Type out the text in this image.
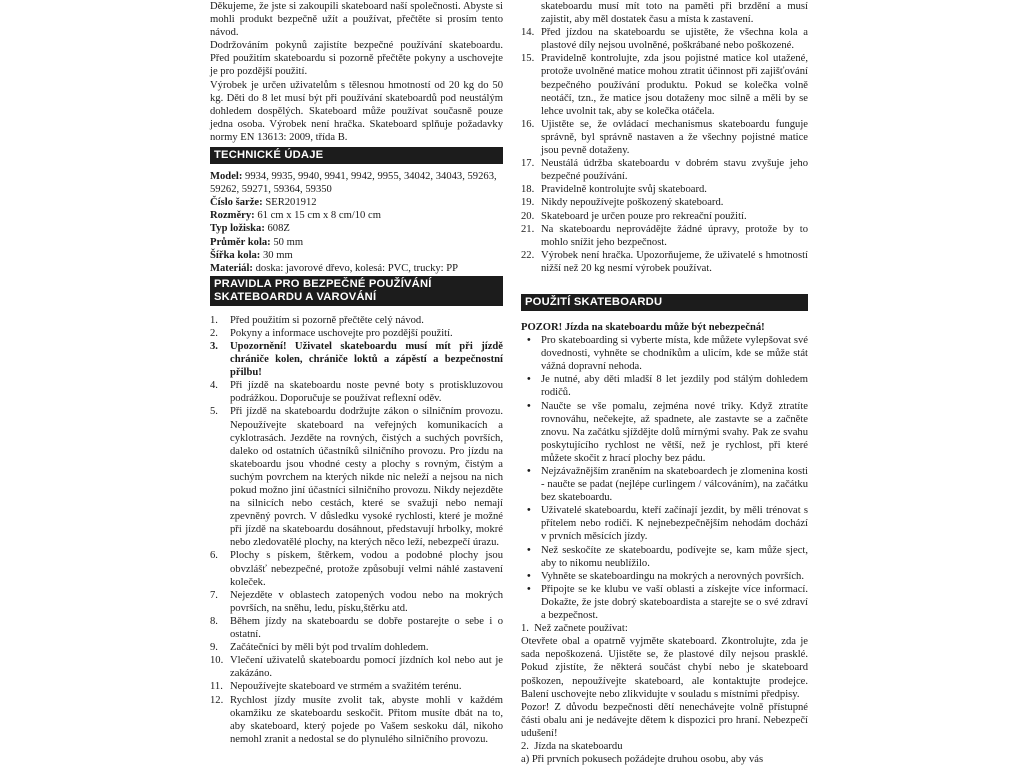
Děkujeme, že jste si zakoupili skateboard naší společnosti. Abyste si mohli produkt bezpečně užít a používat, přečtěte si prosím tento návod.

Dodržováním pokynů zajistíte bezpečné používání skateboardu. Před použitím skateboardu si pozorně přečtěte pokyny a uschovejte je pro pozdější použití.

Výrobek je určen uživatelům s tělesnou hmotností od 20 kg do 50 kg. Děti do 8 let musí být při používání skateboardů pod neustálým dohledem dospělých. Skateboard může používat současně pouze jedna osoba. Výrobek není hračka. Skateboard splňuje požadavky normy EN 13613: 2009, třída B.

TECHNICKÉ ÚDAJE

Model: 9934, 9935, 9940, 9941, 9942, 9955, 34042, 34043, 59263, 59262, 59271, 59364, 59350

Číslo šarže: SER201912

Rozměry: 61 cm x 15 cm x 8 cm/10 cm

Typ ložiska: 608Z

Průměr kola: 50 mm

Šířka kola: 30 mm

Materiál: doska: javorové dřevo, kolesá: PVC, trucky: PP

PRAVIDLA PRO BEZPEČNÉ POUŽÍVÁNÍ
SKATEBOARDU A VAROVÁNÍ
1. Před použitím si pozorně přečtěte celý návod.
2. Pokyny a informace uschovejte pro pozdější použití.
3. Upozornění! Uživatel skateboardu musí mít při jízdě chrániče kolen, chrániče loktů a zápěstí a bezpečnostní přilbu!
4. Při jízdě na skateboardu noste pevné boty s protiskluzovou podrážkou. Doporučuje se používat reflexní oděv.
5. Při jízdě na skateboardu dodržujte zákon o silničním provozu. Nepoužívejte skateboard na veřejných komunikacích a cyklotrasách. Jezděte na rovných, čistých a suchých površích, daleko od ostatních účastníků silničního provozu. Pro jízdu na skateboardu jsou vhodné cesty a plochy s rovným, čistým a suchým povrchem na kterých nikde nic neleží a nejsou na nich pokud možno jiní účastníci silničního provozu. Nikdy nejezděte na silnicích nebo cestách, které se svažují nebo nemají zpevněný povrch. V důsledku vysoké rychlosti, které je možné při jízdě na skateboardu dosáhnout, představují hrbolky, mokré nebo zledovatělé plochy, na kterých něco leží, nebezpečí úrazu.
6. Plochy s pískem, štěrkem, vodou a podobné plochy jsou obvzlášť nebezpečné, protože způsobují velmi náhlé zastavení koleček.
7. Nejezděte v oblastech zatopených vodou nebo na mokrých površích, na sněhu, ledu, písku,štěrku atd.
8. Během jízdy na skateboardu se dobře postarejte o sebe i o ostatní.
9. Začátečníci by měli být pod trvalím dohledem.
10. Vlečení uživatelů skateboardu pomocí jízdních kol nebo aut je zakázáno.
11. Nepoužívejte skateboard ve strmém a svažitém terénu.
12. Rychlost jízdy musíte zvolit tak, abyste mohli v každém okamžiku ze skateboardu seskočit. Přitom musíte dbát na to, aby skateboard, který pojede po Vašem seskoku dál, nikoho nemohl zranit a nedostal se do plynulého silničního provozu.

skateboardu musí mít toto na paměti při brzdění a musí zajistit, aby měl dostatek času a místa k zastavení.

14. Před jízdou na skateboardu se ujistěte, že všechna kola a plastové díly nejsou uvolněné, poškrábané nebo poškozené.
15. Pravidelně kontrolujte, zda jsou pojistné matice kol utažené, protože uvolněné matice mohou ztratit účinnost při zajišťování bezpečného používání produktu. Pokud se kolečka volně neotáčí, tzn., že matice jsou dotaženy moc silně a měli by se lehce uvolnit tak, aby se kolečka otáčela.
16. Ujistěte se, že ovládací mechanismus skateboardu funguje správně, byl správně nastaven a že všechny pojistné matice jsou pevně dotaženy.
17. Neustálá údržba skateboardu v dobrém stavu zvyšuje jeho bezpečné používání.
18. Pravidelně kontrolujte svůj skateboard.
19. Nikdy nepoužívejte poškozený skateboard.
20. Skateboard je určen pouze pro rekreační použití.
21. Na skateboardu neprovádějte žádné úpravy, protože by to mohlo snížit jeho bezpečnost.
22. Výrobek není hračka. Upozorňujeme, že uživatelé s hmotností nižší než 20 kg nesmí výrobek používat.
POUŽITÍ SKATEBOARDU

POZOR! Jízda na skateboardu může být nebezpečná!

• Pro skateboarding si vyberte místa, kde můžete vylepšovat své dovednosti, vyhněte se chodníkům a ulicím, kde se může stát vážná dopravní nehoda.
• Je nutné, aby děti mladší 8 let jezdily pod stálým dohledem rodičů.
• Naučte se vše pomalu, zejména nové triky. Když ztratíte rovnováhu, nečekejte, až spadnete, ale zastavte se a začněte znovu. Na začátku sjíždějte dolů mírnými svahy. Pak ze svahu poskytujícího rychlost ne větší, než je rychlost, při které můžete skočit z hrací plochy bez pádu.
• Nejzávažnějším zraněním na skateboardech je zlomenina kosti - naučte se padat (nejlépe curlingem / válcováním), na začátku bez skateboardu.
• Uživatelé skateboardu, kteří začínají jezdit, by měli trénovat s přítelem nebo rodiči. K nejnebezpečnějším nehodám dochází v prvních měsících jízdy.
• Než seskočíte ze skateboardu, podívejte se, kam může sject, aby to nikomu neublížilo.
• Vyhněte se skateboardingu na mokrých a nerovných površích.
• Připojte se ke klubu ve vaší oblasti a získejte více informací. Dokažte, že jste dobrý skateboardista a starejte se o své zdraví a bezpečnost.

1.  Než začnete používat:

Otevřete obal a opatrně vyjměte skateboard. Zkontrolujte, zda je sada nepoškozená. Ujistěte se, že plastové díly nejsou prasklé. Pokud zjistíte, že některá součást chybí nebo je skateboard poškozen, nepoužívejte skateboard, ale kontaktujte prodejce. Balení uschovejte nebo zlikvidujte v souladu s místními předpisy.

Pozor! Z důvodu bezpečnosti dětí nenechávejte volně přístupné části obalu ani je nedávejte dětem k dispozici pro hraní. Nebezpečí udušení!

2.  Jízda na skateboardu

a) Při prvních pokusech požádejte druhou osobu, aby vás
